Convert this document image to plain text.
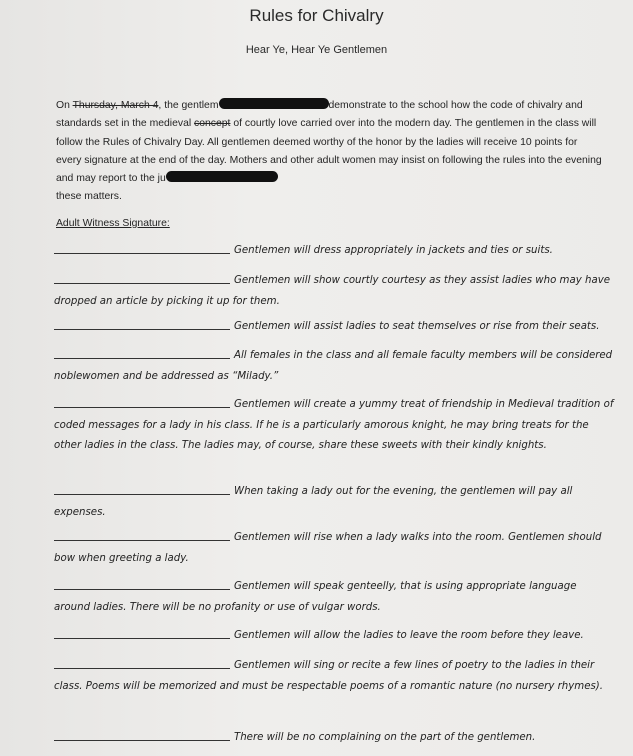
Rules for Chivalry
Hear Ye, Hear Ye Gentlemen
On Thursday, March 4, the gentlem	demonstrate to the school how the code of chivalry and standards set in the medieval concept of courtly love carried over into the modern day. The gentlemen in the class will follow the Rules of Chivalry Day. All gentlemen deemed worthy of the honor by the ladies will receive 10 points for every signature at the end of the day. Mothers and other adult women may insist on following the rules into the evening and may report to the ju
these matters.
Adult Witness Signature:
Gentlemen will dress appropriately in jackets and ties or suits.
Gentlemen will show courtly courtesy as they assist ladies who may have dropped an article by picking it up for them.
Gentlemen will assist ladies to seat themselves or rise from their seats.
All females in the class and all female faculty members will be considered noblewomen and be addressed as “Milady.”
Gentlemen will create a yummy treat of friendship in Medieval tradition of coded messages for a lady in his class. If he is a particularly amorous knight, he may bring treats for the other ladies in the class. The ladies may, of course, share these sweets with their kindly knights.
When taking a lady out for the evening, the gentlemen will pay all expenses.
Gentlemen will rise when a lady walks into the room. Gentlemen should bow when greeting a lady.
Gentlemen will speak genteelly, that is using appropriate language around ladies. There will be no profanity or use of vulgar words.
Gentlemen will allow the ladies to leave the room before they leave.
Gentlemen will sing or recite a few lines of poetry to the ladies in their class. Poems will be memorized and must be respectable poems of a romantic nature (no nursery rhymes).
There will be no complaining on the part of the gentlemen.
